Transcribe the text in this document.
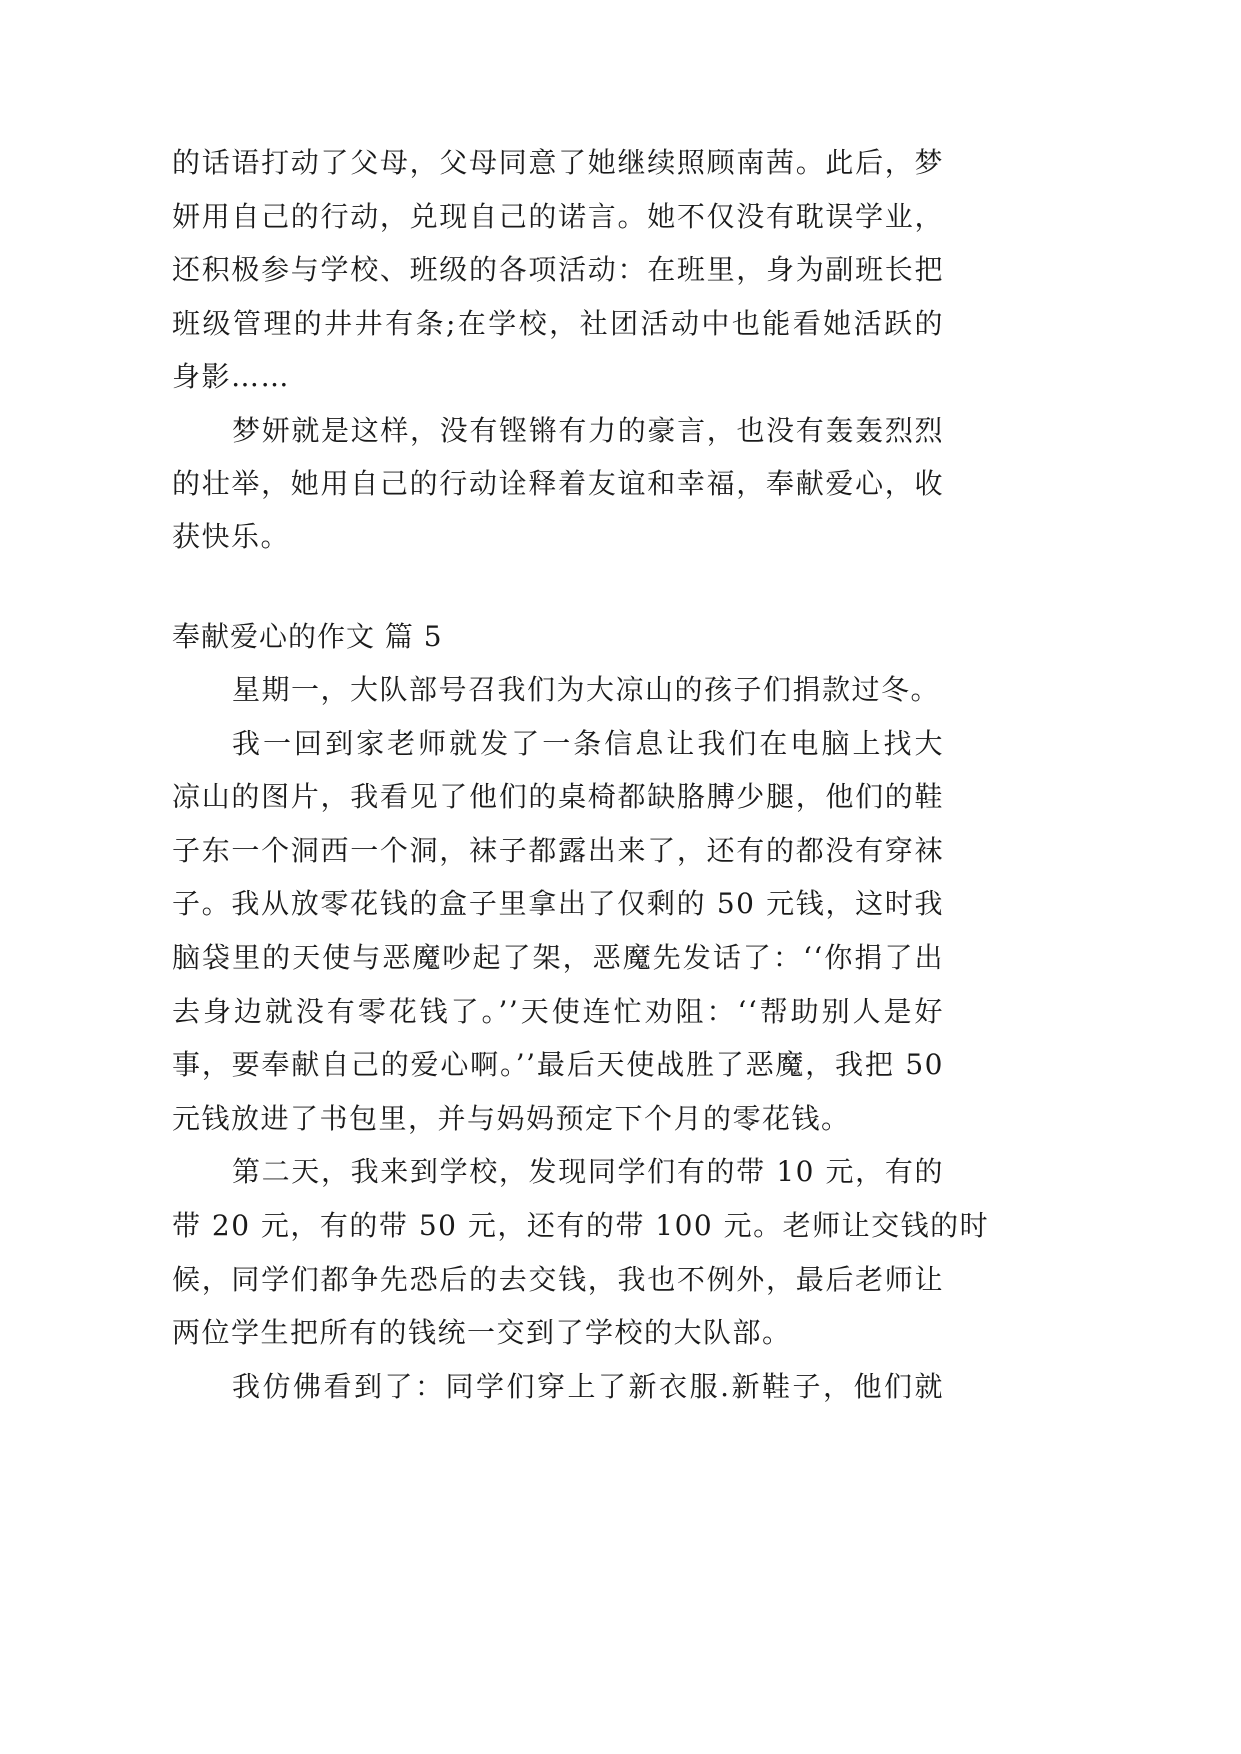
的话语打动了父母，父母同意了她继续照顾南茜。此后，梦
妍用自己的行动，兑现自己的诺言。她不仅没有耽误学业，
还积极参与学校、班级的各项活动：在班里，身为副班长把
班级管理的井井有条;在学校，社团活动中也能看她活跃的
身影……
梦妍就是这样，没有铿锵有力的豪言，也没有轰轰烈烈
的壮举，她用自己的行动诠释着友谊和幸福，奉献爱心，收
获快乐。
奉献爱心的作文 篇 5
星期一，大队部号召我们为大凉山的孩子们捐款过冬。
我一回到家老师就发了一条信息让我们在电脑上找大
凉山的图片，我看见了他们的桌椅都缺胳膊少腿，他们的鞋
子东一个洞西一个洞，袜子都露出来了，还有的都没有穿袜
子。我从放零花钱的盒子里拿出了仅剩的 50 元钱，这时我
脑袋里的天使与恶魔吵起了架，恶魔先发话了：‘‘你捐了出
去身边就没有零花钱了。’’天使连忙劝阻：‘‘帮助别人是好
事，要奉献自己的爱心啊。’’最后天使战胜了恶魔，我把 50
元钱放进了书包里，并与妈妈预定下个月的零花钱。
第二天，我来到学校，发现同学们有的带 10 元，有的
带 20 元，有的带 50 元，还有的带 100 元。老师让交钱的时
候，同学们都争先恐后的去交钱，我也不例外，最后老师让
两位学生把所有的钱统一交到了学校的大队部。
我仿佛看到了：同学们穿上了新衣服.新鞋子，他们就
